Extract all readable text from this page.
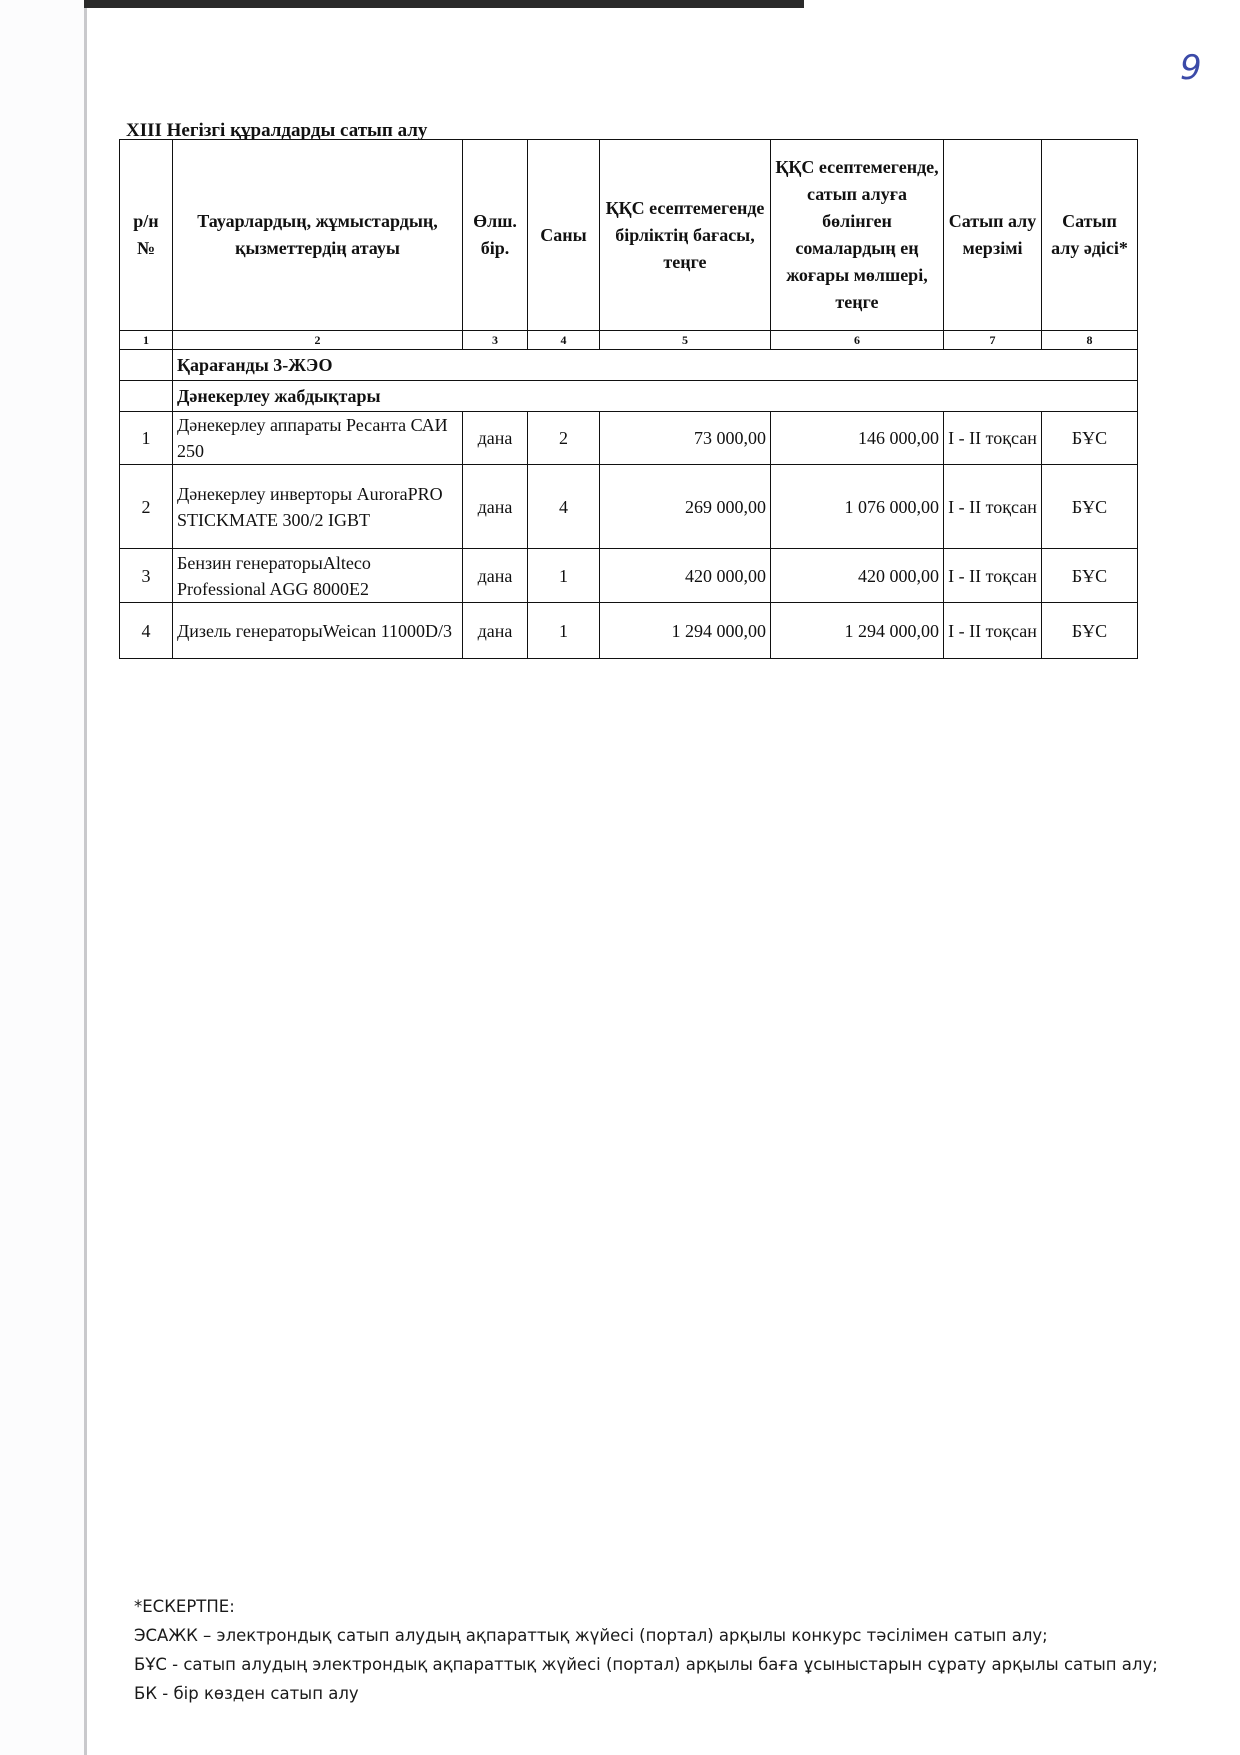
9
XIII Негізгі құралдарды сатып алу
р/н №	Тауарлардың, жұмыстардың, қызметтердің атауы	Өлш. бір.	Саны	ҚҚС есептемегенде бірліктің бағасы, теңге	ҚҚС есептемегенде, сатып алуға бөлінген сомалардың ең жоғары мөлшері, теңге	Сатып алу мерзімі	Сатып алу әдісі*
1	2	3	4	5	6	7	8
	Қарағанды 3-ЖЭО						
	Дәнекерлеу жабдықтары						
1	Дәнекерлеу аппараты Ресанта САИ 250	дана	2	73 000,00	146 000,00	I - II тоқсан	БҰС
2	Дәнекерлеу инверторы AuroraPRO STICKMATE 300/2 IGBT	дана	4	269 000,00	1 076 000,00	I - II тоқсан	БҰС
3	Бензин генераторыAlteco Professional AGG 8000E2	дана	1	420 000,00	420 000,00	I - II тоқсан	БҰС
4	Дизель генераторыWeican 11000D/3	дана	1	1 294 000,00	1 294 000,00	I - II тоқсан	БҰС
*ЕСКЕРТПЕ:
ЭСАЖК – электрондық сатып алудың ақпараттық жүйесі (портал) арқылы конкурс тәсілімен сатып алу;
БҰС - сатып алудың электрондық ақпараттық жүйесі (портал) арқылы баға ұсыныстарын сұрату арқылы сатып алу;
БК - бір көзден сатып алу
